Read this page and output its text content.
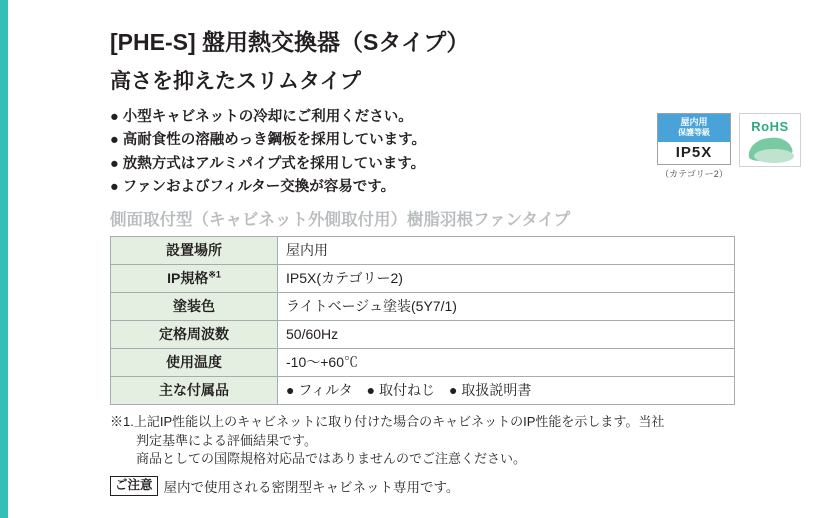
屋内用
保護等級
IP5X
（カテゴリー2）
RoHS
[PHE-S] 盤用熱交換器（Sタイプ）
高さを抑えたスリムタイプ
● 小型キャビネットの冷却にご利用ください。
● 高耐食性の溶融めっき鋼板を採用しています。
● 放熱方式はアルミパイプ式を採用しています。
● ファンおよびフィルター交換が容易です。
側面取付型（キャビネット外側取付用）樹脂羽根ファンタイプ
設置場所	屋内用
IP規格$^{※1}$	IP5X(カテゴリー2)
塗装色	ライトベージュ塗装(5Y7/1)
定格周波数	50/60Hz
使用温度	-10〜+60℃
主な付属品	● フィルタ　● 取付ねじ　● 取扱説明書

※1.上記IP性能以上のキャビネットに取り付けた場合のキャビネットのIP性能を示します。当社

　　判定基準による評価結果です。

　　商品としての国際規格対応品ではありませんのでご注意ください。

ご注意 屋内で使用される密閉型キャビネット専用です。
